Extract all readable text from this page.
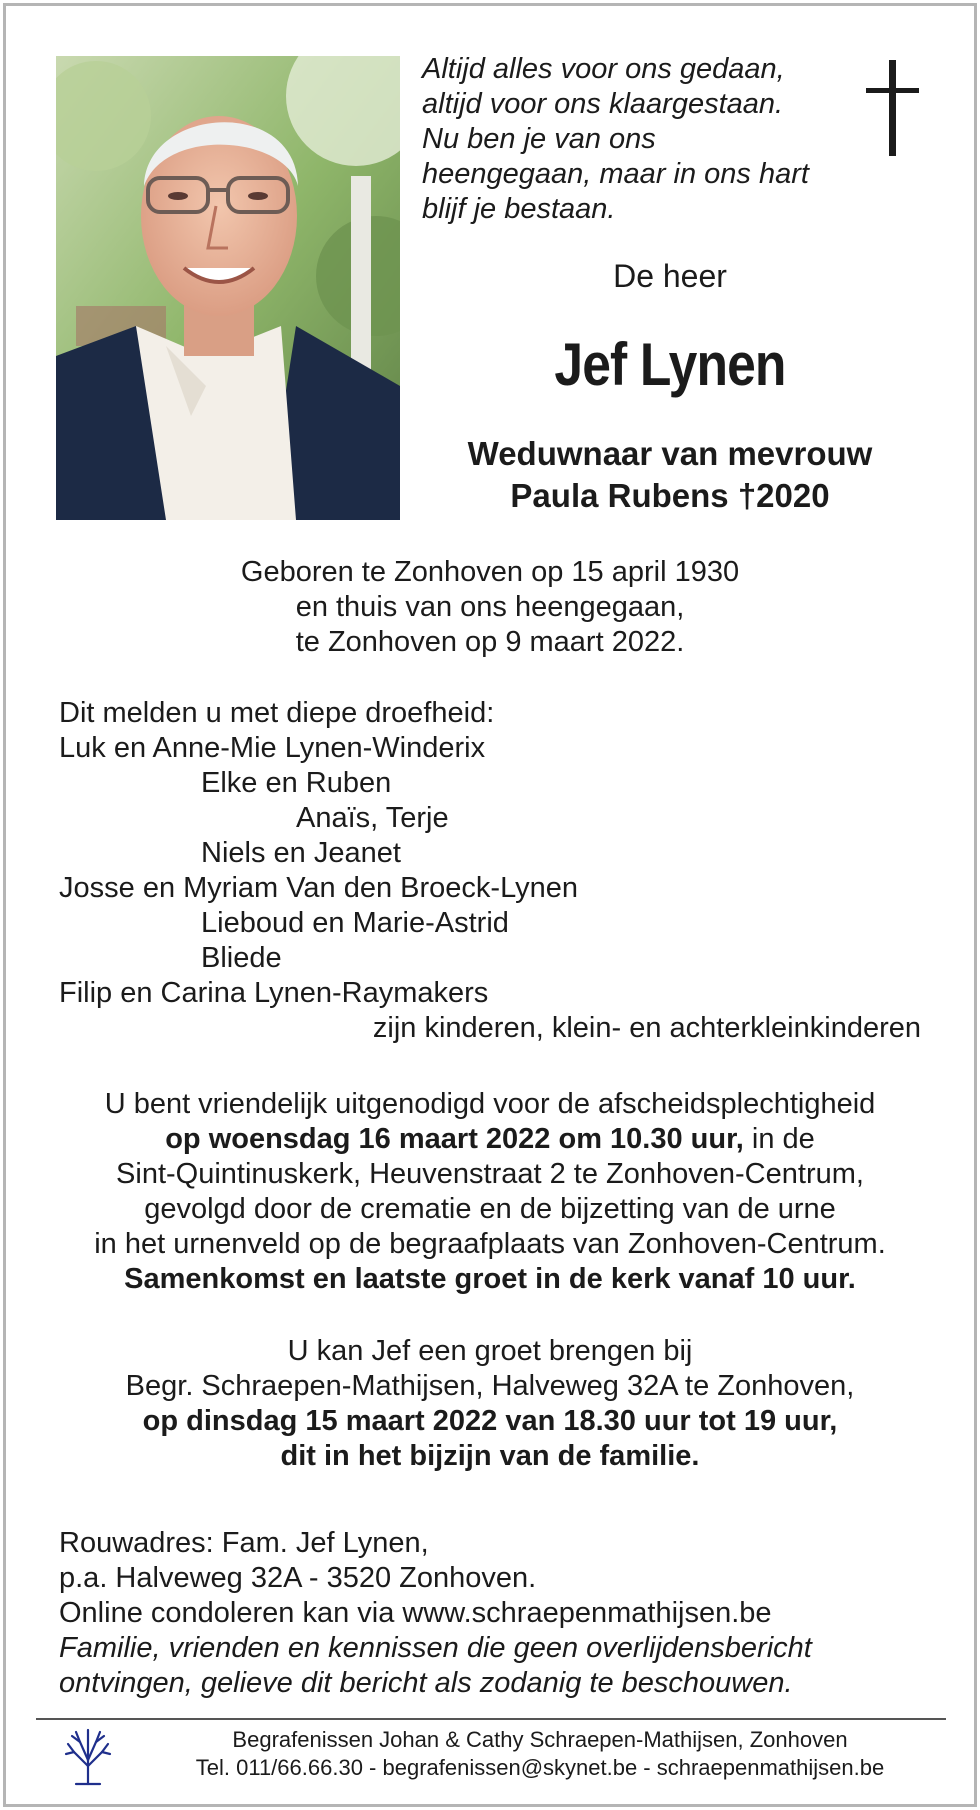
Altijd alles voor ons gedaan,
altijd voor ons klaargestaan.
Nu ben je van ons
heengegaan, maar in ons hart
blijf je bestaan.
De heer
Jef Lynen
Weduwnaar van mevrouw
Paula Rubens †2020
Geboren te Zonhoven op 15 april 1930
en thuis van ons heengegaan,
te Zonhoven op 9 maart 2022.
Dit melden u met diepe droefheid:
Luk en Anne-Mie Lynen-Winderix
Elke en Ruben
Anaïs, Terje
Niels en Jeanet
Josse en Myriam Van den Broeck-Lynen
Lieboud en Marie-Astrid
Bliede
Filip en Carina Lynen-Raymakers
zijn kinderen, klein- en achterkleinkinderen
U bent vriendelijk uitgenodigd voor de afscheidsplechtigheid
op woensdag 16 maart 2022 om 10.30 uur, in de
Sint-Quintinuskerk, Heuvenstraat 2 te Zonhoven-Centrum,
gevolgd door de crematie en de bijzetting van de urne
in het urnenveld op de begraafplaats van Zonhoven-Centrum.
Samenkomst en laatste groet in de kerk vanaf 10 uur.
U kan Jef een groet brengen bij
Begr. Schraepen-Mathijsen, Halveweg 32A te Zonhoven,
op dinsdag 15 maart 2022 van 18.30 uur tot 19 uur,
dit in het bijzijn van de familie.
Rouwadres: Fam. Jef Lynen,
p.a. Halveweg 32A - 3520 Zonhoven.
Online condoleren kan via www.schraepenmathijsen.be
Familie, vrienden en kennissen die geen overlijdensbericht
ontvingen, gelieve dit bericht als zodanig te beschouwen.
Begrafenissen Johan & Cathy Schraepen-Mathijsen, Zonhoven
Tel. 011/66.66.30 - begrafenissen@skynet.be - schraepenmathijsen.be
